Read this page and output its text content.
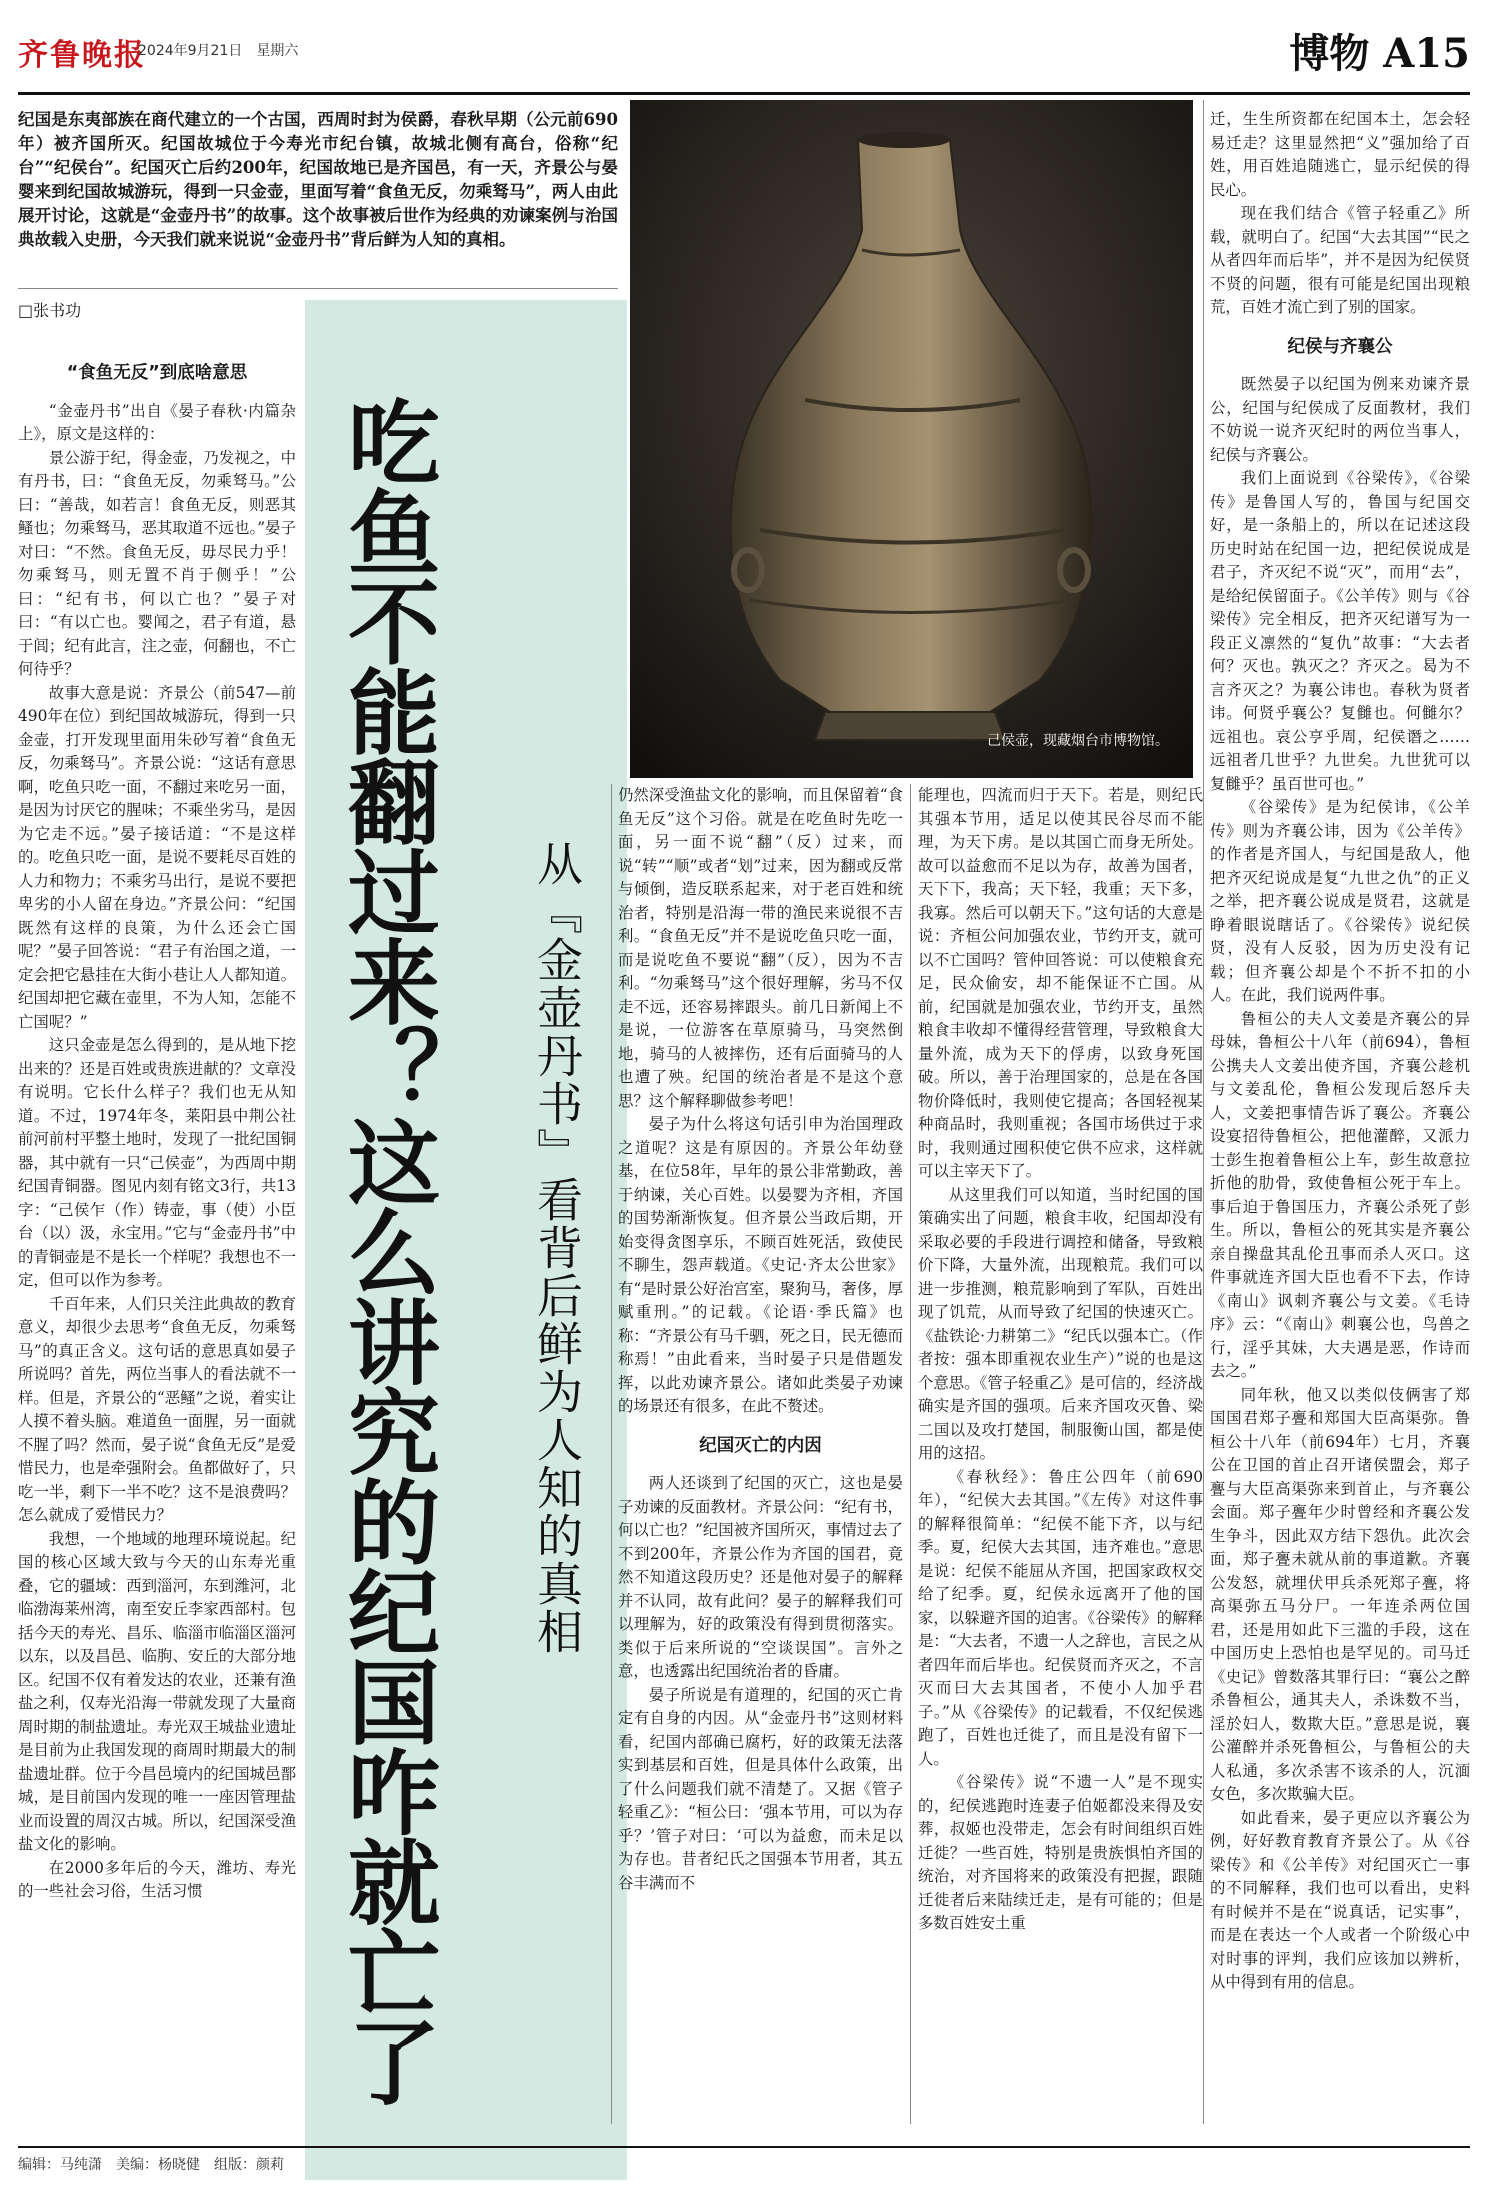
齐鲁晚报
2024年9月21日　星期六	博物 A15
纪国是东夷部族在商代建立的一个古国，西周时封为侯爵，春秋早期（公元前690年）被齐国所灭。纪国故城位于今寿光市纪台镇，故城北侧有高台，俗称“纪台”“纪侯台”。纪国灭亡后约200年，纪国故地已是齐国邑，有一天，齐景公与晏婴来到纪国故城游玩，得到一只金壶，里面写着“食鱼无反，勿乘驽马”，两人由此展开讨论，这就是“金壶丹书”的故事。这个故事被后世作为经典的劝谏案例与治国典故载入史册，今天我们就来说说“金壶丹书”背后鲜为人知的真相。
□张书功
己侯壶，现藏烟台市博物馆。
吃鱼不能翻过来？这么讲究的纪国咋就亡了 从『金壶丹书』看背后鲜为人知的真相
“食鱼无反”到底啥意思

“金壶丹书”出自《晏子春秋·内篇杂上》，原文是这样的：

景公游于纪，得金壶，乃发视之，中有丹书，曰：“食鱼无反，勿乘驽马。”公曰：“善哉，如若言！食鱼无反，则恶其鳋也；勿乘驽马，恶其取道不远也。”晏子对曰：“不然。食鱼无反，毋尽民力乎！勿乘驽马，则无置不肖于侧乎！”公曰：“纪有书，何以亡也？”晏子对曰：“有以亡也。婴闻之，君子有道，悬于闾；纪有此言，注之壶，何翻也，不亡何待乎？

故事大意是说：齐景公（前547—前490年在位）到纪国故城游玩，得到一只金壶，打开发现里面用朱砂写着“食鱼无反，勿乘驽马”。齐景公说：“这话有意思啊，吃鱼只吃一面，不翻过来吃另一面，是因为讨厌它的腥味；不乘坐劣马，是因为它走不远。”晏子接话道：“不是这样的。吃鱼只吃一面，是说不要耗尽百姓的人力和物力；不乘劣马出行，是说不要把卑劣的小人留在身边。”齐景公问：“纪国既然有这样的良策，为什么还会亡国呢？”晏子回答说：“君子有治国之道，一定会把它悬挂在大街小巷让人人都知道。纪国却把它藏在壶里，不为人知，怎能不亡国呢？”

这只金壶是怎么得到的，是从地下挖出来的？还是百姓或贵族进献的？文章没有说明。它长什么样子？我们也无从知道。不过，1974年冬，莱阳县中荆公社前河前村平整土地时，发现了一批纪国铜器，其中就有一只“己侯壶”，为西周中期纪国青铜器。图见内刻有铭文3行，共13字：“己侯乍（作）铸壶，事（使）小臣台（以）汲，永宝用。”它与“金壶丹书”中的青铜壶是不是长一个样呢？我想也不一定，但可以作为参考。

千百年来，人们只关注此典故的教育意义，却很少去思考“食鱼无反，勿乘驽马”的真正含义。这句话的意思真如晏子所说吗？首先，两位当事人的看法就不一样。但是，齐景公的“恶鳋”之说，着实让人摸不着头脑。难道鱼一面腥，另一面就不腥了吗？然而，晏子说“食鱼无反”是爱惜民力，也是牵强附会。鱼都做好了，只吃一半，剩下一半不吃？这不是浪费吗？怎么就成了爱惜民力？

我想，一个地域的地理环境说起。纪国的核心区域大致与今天的山东寿光重叠，它的疆域：西到淄河，东到潍河，北临渤海莱州湾，南至安丘李家西部村。包括今天的寿光、昌乐、临淄市临淄区淄河以东，以及昌邑、临朐、安丘的大部分地区。纪国不仅有着发达的农业，还兼有渔盐之利，仅寿光沿海一带就发现了大量商周时期的制盐遗址。寿光双王城盐业遗址是目前为止我国发现的商周时期最大的制盐遗址群。位于今昌邑境内的纪国城邑鄑城，是目前国内发现的唯一一座因管理盐业而设置的周汉古城。所以，纪国深受渔盐文化的影响。

在2000多年后的今天，潍坊、寿光的一些社会习俗，生活习惯

仍然深受渔盐文化的影响，而且保留着“食鱼无反”这个习俗。就是在吃鱼时先吃一面，另一面不说“翻”（反）过来，而说“转”“顺”或者“划”过来，因为翻或反常与倾倒，造反联系起来，对于老百姓和统治者，特别是沿海一带的渔民来说很不吉利。“食鱼无反”并不是说吃鱼只吃一面，而是说吃鱼不要说“翻”（反），因为不吉利。“勿乘驽马”这个很好理解，劣马不仅走不远，还容易摔跟头。前几日新闻上不是说，一位游客在草原骑马，马突然倒地，骑马的人被摔伤，还有后面骑马的人也遭了殃。纪国的统治者是不是这个意思？这个解释聊做参考吧！

晏子为什么将这句话引申为治国理政之道呢？这是有原因的。齐景公年幼登基，在位58年，早年的景公非常勤政，善于纳谏，关心百姓。以晏婴为齐相，齐国的国势渐渐恢复。但齐景公当政后期，开始变得贪图享乐，不顾百姓死活，致使民不聊生，怨声载道。《史记·齐太公世家》有“是时景公好治宫室，聚狗马，奢侈，厚赋重刑。”的记载。《论语·季氏篇》也称：“齐景公有马千驷，死之日，民无德而称焉！”由此看来，当时晏子只是借题发挥，以此劝谏齐景公。诸如此类晏子劝谏的场景还有很多，在此不赘述。

纪国灭亡的内因

两人还谈到了纪国的灭亡，这也是晏子劝谏的反面教材。齐景公问：“纪有书，何以亡也？”纪国被齐国所灭，事情过去了不到200年，齐景公作为齐国的国君，竟然不知道这段历史？还是他对晏子的解释并不认同，故有此问？晏子的解释我们可以理解为，好的政策没有得到贯彻落实。类似于后来所说的“空谈误国”。言外之意，也透露出纪国统治者的昏庸。

晏子所说是有道理的，纪国的灭亡肯定有自身的内因。从“金壶丹书”这则材料看，纪国内部确已腐朽，好的政策无法落实到基层和百姓，但是具体什么政策，出了什么问题我们就不清楚了。又据《管子轻重乙》：“桓公曰：‘强本节用，可以为存乎？’管子对曰：‘可以为益愈，而未足以为存也。昔者纪氏之国强本节用者，其五谷丰满而不

能理也，四流而归于天下。若是，则纪氏其强本节用，适足以使其民谷尽而不能理，为天下虏。是以其国亡而身无所处。故可以益愈而不足以为存，故善为国者，天下下，我高；天下轻，我重；天下多，我寡。然后可以朝天下。”这句话的大意是说：齐桓公问加强农业，节约开支，就可以不亡国吗？管仲回答说：可以使粮食充足，民众偷安，却不能保证不亡国。从前，纪国就是加强农业，节约开支，虽然粮食丰收却不懂得经营管理，导致粮食大量外流，成为天下的俘虏，以致身死国破。所以，善于治理国家的，总是在各国物价降低时，我则使它提高；各国轻视某种商品时，我则重视；各国市场供过于求时，我则通过囤积使它供不应求，这样就可以主宰天下了。

从这里我们可以知道，当时纪国的国策确实出了问题，粮食丰收，纪国却没有采取必要的手段进行调控和储备，导致粮价下降，大量外流，出现粮荒。我们可以进一步推测，粮荒影响到了军队，百姓出现了饥荒，从而导致了纪国的快速灭亡。《盐铁论·力耕第二》“纪氏以强本亡。（作者按：强本即重视农业生产）”说的也是这个意思。《管子轻重乙》是可信的，经济战确实是齐国的强项。后来齐国攻灭鲁、梁二国以及攻打楚国，制服衡山国，都是使用的这招。

《春秋经》：鲁庄公四年（前690年），“纪侯大去其国。”《左传》对这件事的解释很简单：“纪侯不能下齐，以与纪季。夏，纪侯大去其国，违齐难也。”意思是说：纪侯不能屈从齐国，把国家政权交给了纪季。夏，纪侯永远离开了他的国家，以躲避齐国的迫害。《谷梁传》的解释是：“大去者，不遗一人之辞也，言民之从者四年而后毕也。纪侯贤而齐灭之，不言灭而曰大去其国者，不使小人加乎君子。”从《谷梁传》的记载看，不仅纪侯逃跑了，百姓也迁徙了，而且是没有留下一人。

《谷梁传》说“不遗一人”是不现实的，纪侯逃跑时连妻子伯姬都没来得及安葬，叔姬也没带走，怎会有时间组织百姓迁徙？一些百姓，特别是贵族惧怕齐国的统治，对齐国将来的政策没有把握，跟随迁徙者后来陆续迁走，是有可能的；但是多数百姓安土重

迁，生生所资都在纪国本土，怎会轻易迁走？这里显然把“义”强加给了百姓，用百姓追随逃亡，显示纪侯的得民心。

现在我们结合《管子轻重乙》所载，就明白了。纪国“大去其国”“民之从者四年而后毕”，并不是因为纪侯贤不贤的问题，很有可能是纪国出现粮荒，百姓才流亡到了别的国家。

纪侯与齐襄公

既然晏子以纪国为例来劝谏齐景公，纪国与纪侯成了反面教材，我们不妨说一说齐灭纪时的两位当事人，纪侯与齐襄公。

我们上面说到《谷梁传》，《谷梁传》是鲁国人写的，鲁国与纪国交好，是一条船上的，所以在记述这段历史时站在纪国一边，把纪侯说成是君子，齐灭纪不说“灭”，而用“去”，是给纪侯留面子。《公羊传》则与《谷梁传》完全相反，把齐灭纪谱写为一段正义凛然的“复仇”故事：“大去者何？灭也。孰灭之？齐灭之。曷为不言齐灭之？为襄公讳也。春秋为贤者讳。何贤乎襄公？复雠也。何雠尔？远祖也。哀公亨乎周，纪侯谮之……远祖者几世乎？九世矣。九世犹可以复雠乎？虽百世可也。”

《谷梁传》是为纪侯讳，《公羊传》则为齐襄公讳，因为《公羊传》的作者是齐国人，与纪国是敌人，他把齐灭纪说成是复“九世之仇”的正义之举，把齐襄公说成是贤君，这就是睁着眼说瞎话了。《谷梁传》说纪侯贤，没有人反驳，因为历史没有记载；但齐襄公却是个不折不扣的小人。在此，我们说两件事。

鲁桓公的夫人文姜是齐襄公的异母妹，鲁桓公十八年（前694），鲁桓公携夫人文姜出使齐国，齐襄公趁机与文姜乱伦，鲁桓公发现后怒斥夫人，文姜把事情告诉了襄公。齐襄公设宴招待鲁桓公，把他灌醉，又派力士彭生抱着鲁桓公上车，彭生故意拉折他的肋骨，致使鲁桓公死于车上。事后迫于鲁国压力，齐襄公杀死了彭生。所以，鲁桓公的死其实是齐襄公亲自操盘其乱伦丑事而杀人灭口。这件事就连齐国大臣也看不下去，作诗《南山》讽刺齐襄公与文姜。《毛诗序》云：“《南山》刺襄公也，鸟兽之行，淫乎其妹，大夫遇是恶，作诗而去之。”

同年秋，他又以类似伎俩害了郑国国君郑子亹和郑国大臣高渠弥。鲁桓公十八年（前694年）七月，齐襄公在卫国的首止召开诸侯盟会，郑子亹与大臣高渠弥来到首止，与齐襄公会面。郑子亹年少时曾经和齐襄公发生争斗，因此双方结下怨仇。此次会面，郑子亹未就从前的事道歉。齐襄公发怒，就埋伏甲兵杀死郑子亹，将高渠弥五马分尸。一年连杀两位国君，还是用如此下三滥的手段，这在中国历史上恐怕也是罕见的。司马迁《史记》曾数落其罪行曰：“襄公之醉杀鲁桓公，通其夫人，杀诛数不当，淫於妇人，数欺大臣。”意思是说，襄公灌醉并杀死鲁桓公，与鲁桓公的夫人私通，多次杀害不该杀的人，沉湎女色，多次欺骗大臣。

如此看来，晏子更应以齐襄公为例，好好教育教育齐景公了。从《谷梁传》和《公羊传》对纪国灭亡一事的不同解释，我们也可以看出，史料有时候并不是在“说真话，记实事”，而是在表达一个人或者一个阶级心中对时事的评判，我们应该加以辨析，从中得到有用的信息。

编辑：马纯潇　美编：杨晓健　组版：颜莉
